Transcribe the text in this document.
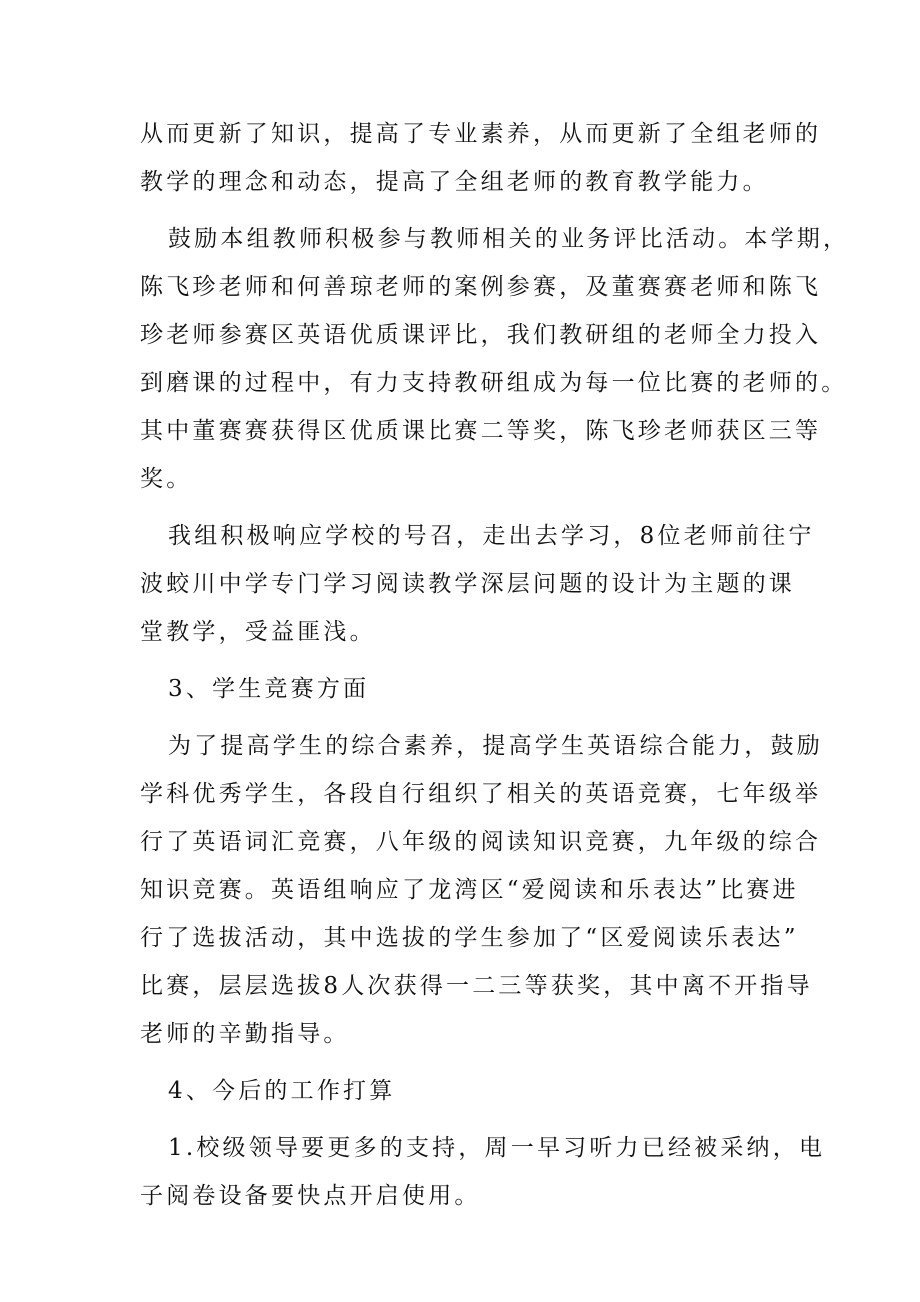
从而更新了知识，提高了专业素养，从而更新了全组老师的

教学的理念和动态，提高了全组老师的教育教学能力。

鼓励本组教师积极参与教师相关的业务评比活动。本学期，

陈飞珍老师和何善琼老师的案例参赛，及董赛赛老师和陈飞

珍老师参赛区英语优质课评比，我们教研组的老师全力投入

到磨课的过程中，有力支持教研组成为每一位比赛的老师的。

其中董赛赛获得区优质课比赛二等奖，陈飞珍老师获区三等

奖。

我组积极响应学校的号召，走出去学习，8位老师前往宁

波蛟川中学专门学习阅读教学深层问题的设计为主题的课

堂教学，受益匪浅。

3、学生竞赛方面

为了提高学生的综合素养，提高学生英语综合能力，鼓励

学科优秀学生，各段自行组织了相关的英语竞赛，七年级举

行了英语词汇竞赛，八年级的阅读知识竞赛，九年级的综合

知识竞赛。英语组响应了龙湾区“爱阅读和乐表达”比赛进

行了选拔活动，其中选拔的学生参加了“区爱阅读乐表达”

比赛，层层选拔8人次获得一二三等获奖，其中离不开指导

老师的辛勤指导。

4、今后的工作打算

1.校级领导要更多的支持，周一早习听力已经被采纳，电

子阅卷设备要快点开启使用。
